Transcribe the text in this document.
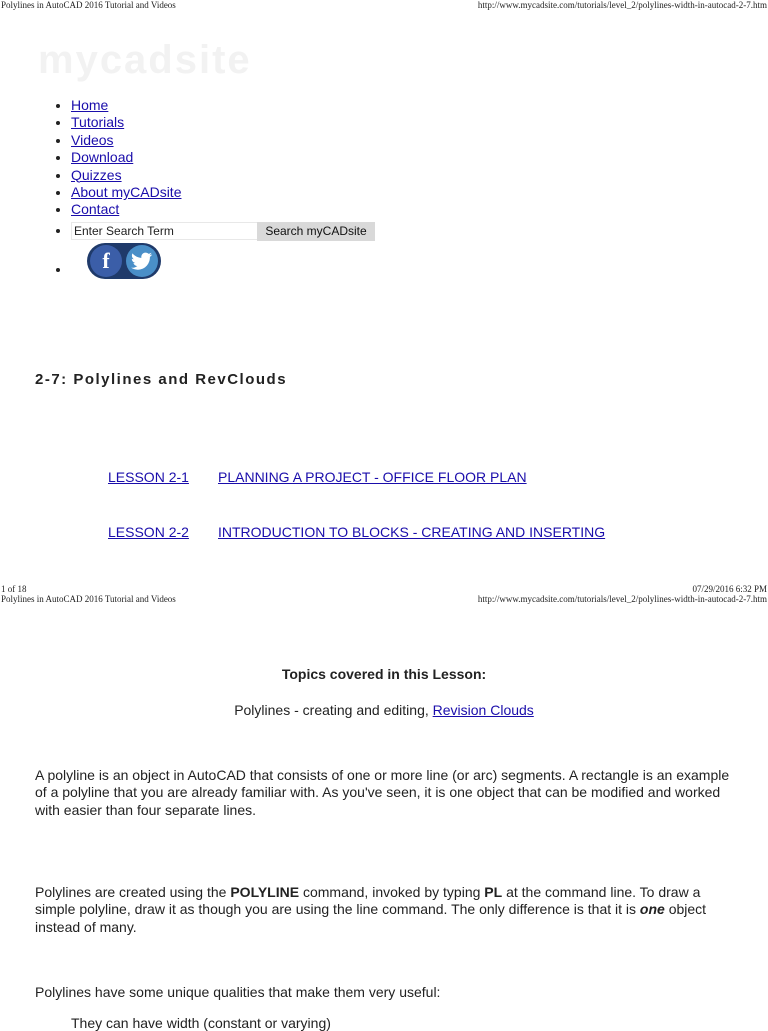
Polylines in AutoCAD 2016 Tutorial and Videos	http://www.mycadsite.com/tutorials/level_2/polylines-width-in-autocad-2-7.htm
mycadsite
• Home
• Tutorials
• Videos
• Download
• Quizzes
• About myCADsite
• Contact
Enter Search Term
• Search myCADsite
• f
2-7: Polylines and RevClouds
LESSON 2-1 PLANNING A PROJECT - OFFICE FLOOR PLAN
LESSON 2-2 INTRODUCTION TO BLOCKS - CREATING AND INSERTING
1 of 18	07/29/2016 6:32 PM
Polylines in AutoCAD 2016 Tutorial and Videos	http://www.mycadsite.com/tutorials/level_2/polylines-width-in-autocad-2-7.htm
Topics covered in this Lesson:
Polylines - creating and editing, Revision Clouds
A polyline is an object in AutoCAD that consists of one or more line (or arc) segments. A rectangle is an example of a polyline that you are already familiar with. As you've seen, it is one object that can be modified and worked with easier than four separate lines.
Polylines are created using the POLYLINE command, invoked by typing PL at the command line. To draw a simple polyline, draw it as though you are using the line command. The only difference is that it is one object instead of many.
Polylines have some unique qualities that make them very useful:
They can have width (constant or varying)
